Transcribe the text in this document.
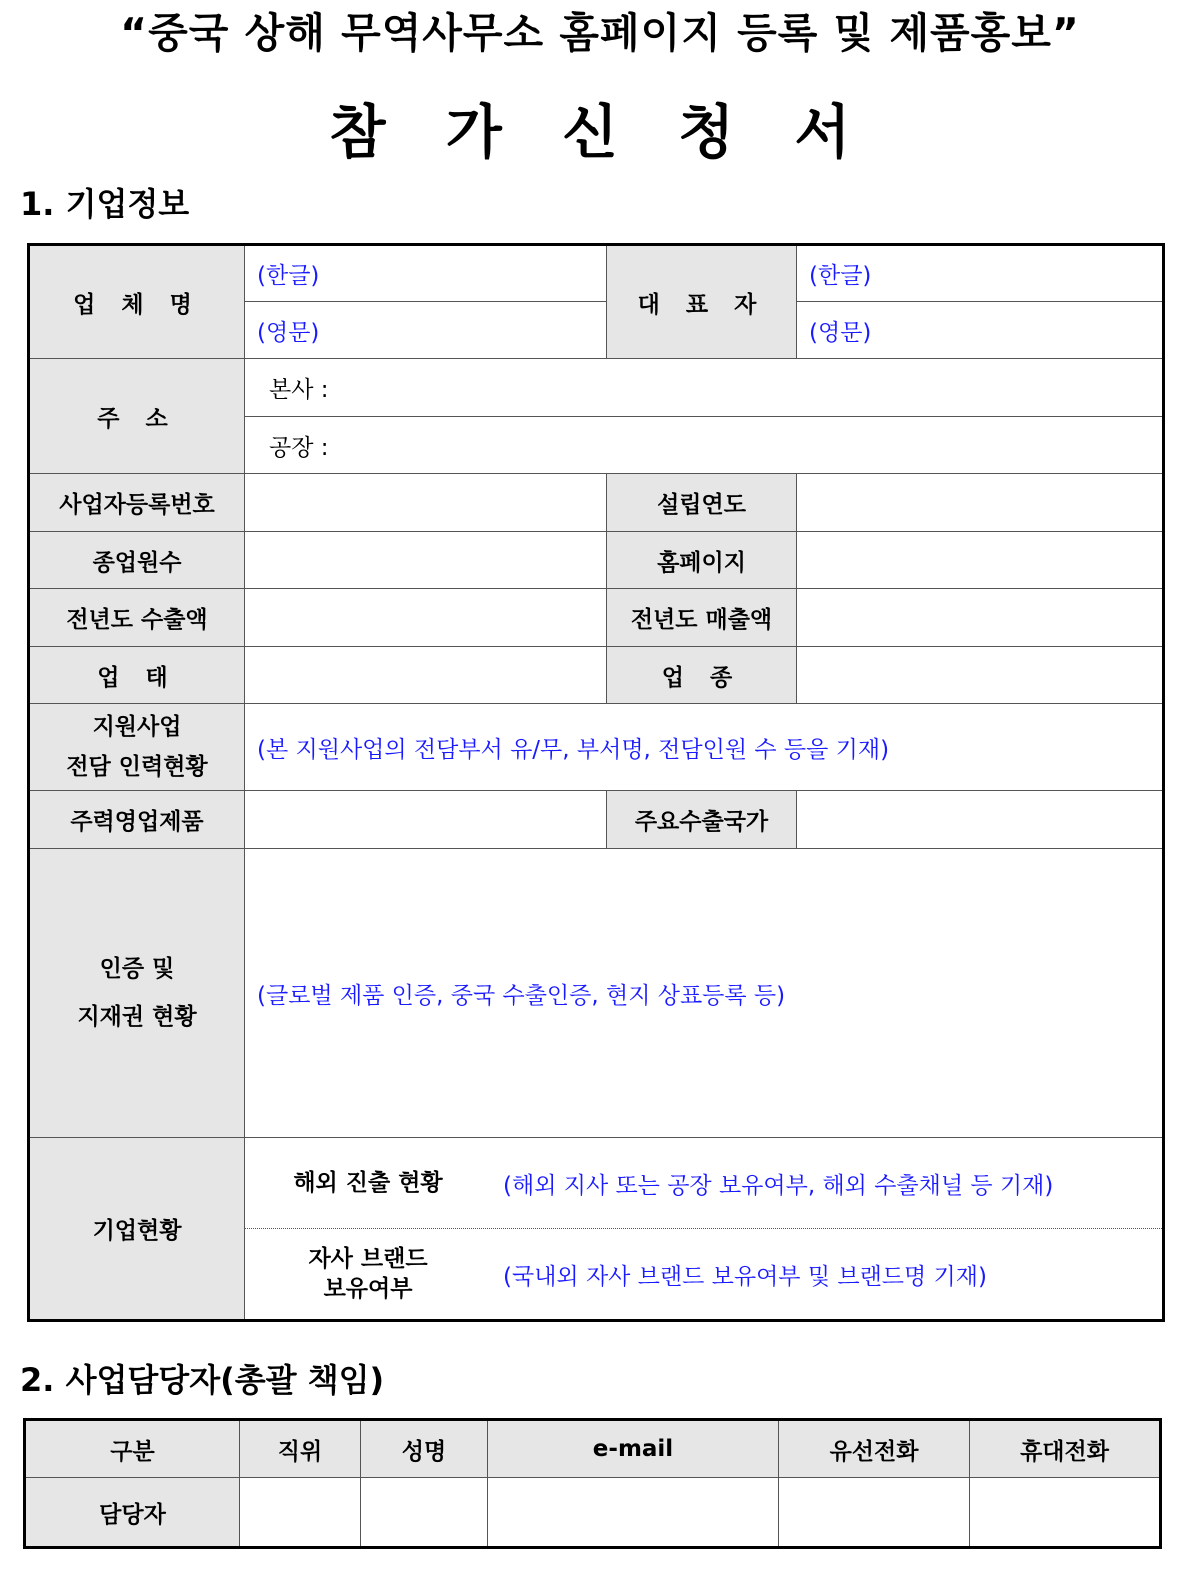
“중국 상해 무역사무소 홈페이지 등록 및 제품홍보”
참 가 신 청 서
1. 기업정보
업 체 명	(한글)	대 표 자	(한글)
	(영문)		(영문)
주 소	본사 :		
	공장 :		
사업자등록번호		설립연도	
종업원수		홈페이지	
전년도 수출액		전년도 매출액	
업 태		업 종	

지원사업
전담 인력현황	(본 지원사업의 전담부서 유/무, 부서명, 전담인원 수 등을 기재)		
주력영업제품		주요수출국가	

인증 및
지재권 현황	(글로벌 제품 인증, 중국 수출인증, 현지 상표등록 등)		
기업현황	해외 진출 현황 (해외 지사 또는 공장 보유여부, 해외 수출채널 등 기재)
자사 브랜드
보유여부 (국내외 자사 브랜드 보유여부 및 브랜드명 기재)		
2. 사업담당자(총괄 책임)
구분	직위	성명	e-mail	유선전화	휴대전화
담당자					
